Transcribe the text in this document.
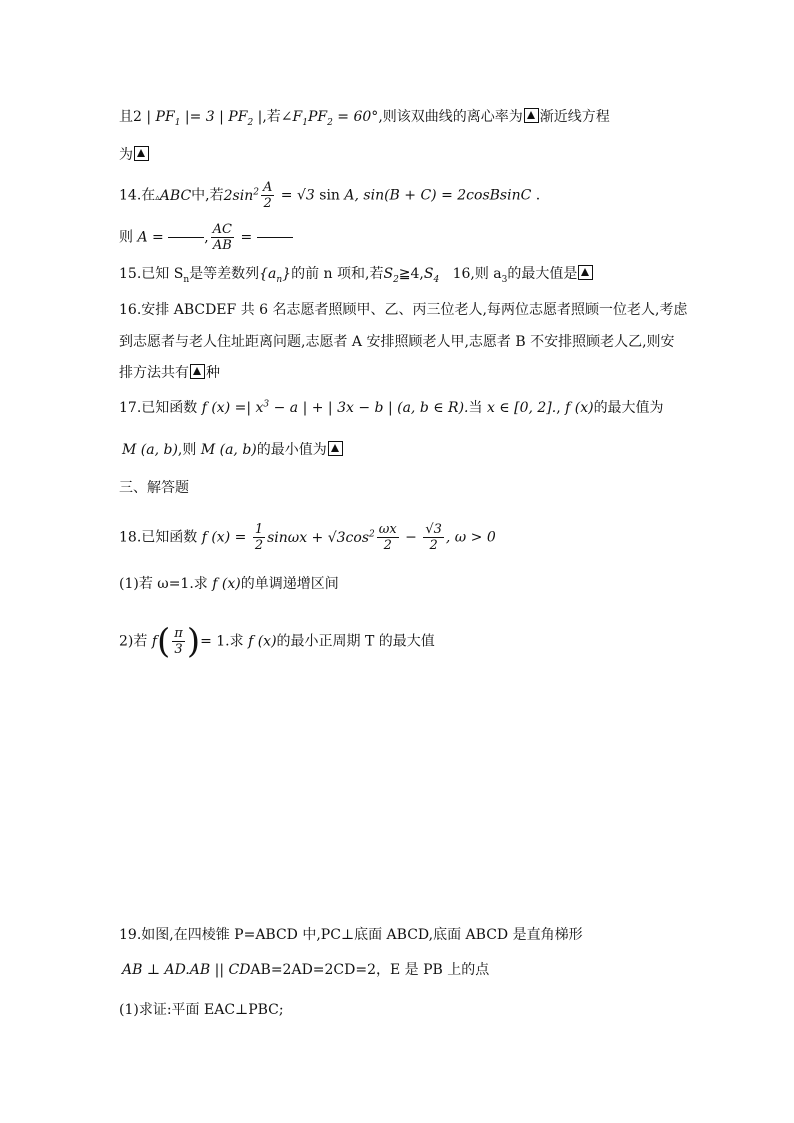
且2 | $PF_1$ |= 3 | $PF_2$ |,若$\angle F_1PF_2 = 60^\circ$,则该双曲线的离心率为 渐近线方程
为
14.在▵ABC中,若$2\sin^2 \frac{A}{2} = √3$ sin A, sin(B + C) = 2cosBsinC .
则 A =	, $\frac{AC}{AB}$ =
15.已知 $S_n$是等差数列$\{a_n\}$的前 n 项和,若$S_2≧4,S_4$ 16,则 $a_3$的最大值是
16.安排 ABCDEF 共 6 名志愿者照顾甲、乙、丙三位老人,每两位志愿者照顾一位老人,考虑
到志愿者与老人住址距离问题,志愿者 A 安排照顾老人甲,志愿者 B 不安排照顾老人乙,则安
排方法共有 种
17.已知函数 f (x) =| $x^3 - a$ | + | 3x − b | (a, b ∈ R).当 x ∈ [0, 2]., f (x)的最大值为
M (a, b),则 M (a, b)的最小值为
三、解答题
18.已知函数 f $(x) = \frac{1}{2}$ $\sin\omega x + √3\cos^2 \frac{\omega x}{2} - \frac{√3}{2}$ , ω > 0
(1)若 ω=1.求 f (x)的单调递增区间
2)若 $f( \frac{\pi}{3}$ )= 1.求 f (x)的最小正周期 T 的最大值
19.如图,在四棱锥 P=ABCD 中,PC⊥底面 ABCD,底面 ABCD 是直角梯形
AB ⊥ AD.AB || CDAB=2AD=2CD=2，E 是 PB 上的点
(1)求证:平面 EAC⊥PBC;
